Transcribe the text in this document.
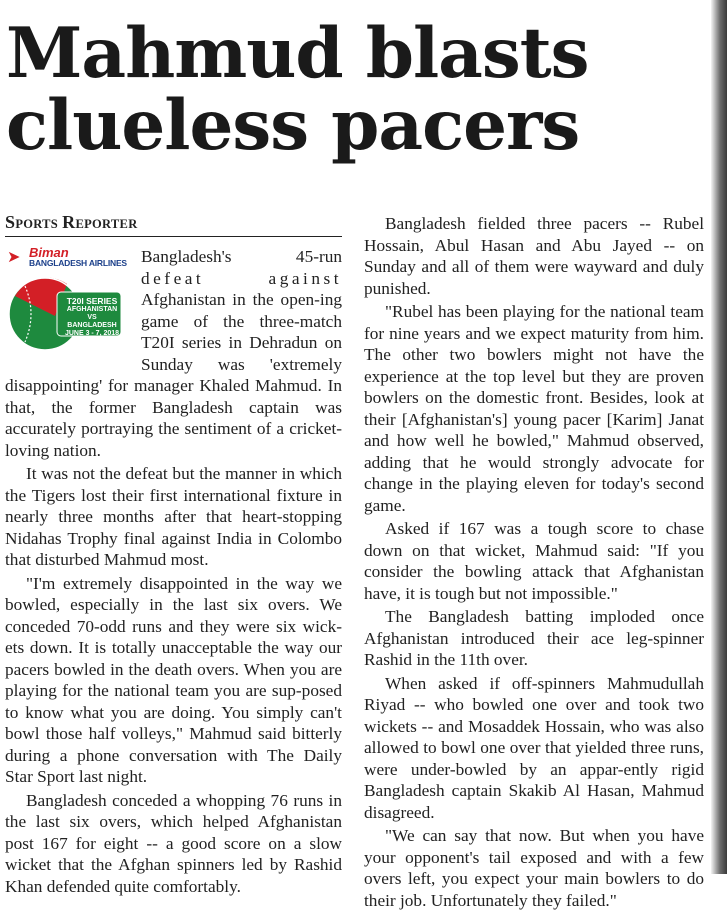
Mahmud blasts
clueless pacers
SPORTS REPORTER
➤ Biman
BANGLADESH AIRLINES
T20I SERIES
AFGHANISTAN
VS
BANGLADESH
JUNE 3 - 7, 2018

Bangladesh's 45-run defeat against Afghanistan in the open-ing game of the three-match T20I series in Dehradun on Sunday was 'extremely disappointing' for manager Khaled Mahmud. In that, the former Bangladesh captain was accurately portraying the sentiment of a cricket-loving nation.

It was not the defeat but the manner in which the Tigers lost their first international fixture in nearly three months after that heart-stopping Nidahas Trophy final against India in Colombo that disturbed Mahmud most.

"I'm extremely disappointed in the way we bowled, especially in the last six overs. We conceded 70-odd runs and they were six wick-ets down. It is totally unacceptable the way our pacers bowled in the death overs. When you are playing for the national team you are sup-posed to know what you are doing. You simply can't bowl those half volleys," Mahmud said bitterly during a phone conversation with The Daily Star Sport last night.

Bangladesh conceded a whopping 76 runs in the last six overs, which helped Afghanistan post 167 for eight -- a good score on a slow wicket that the Afghan spinners led by Rashid Khan defended quite comfortably.

Bangladesh fielded three pacers -- Rubel Hossain, Abul Hasan and Abu Jayed -- on Sunday and all of them were wayward and duly punished.

"Rubel has been playing for the national team for nine years and we expect maturity from him. The other two bowlers might not have the experience at the top level but they are proven bowlers on the domestic front. Besides, look at their [Afghanistan's] young pacer [Karim] Janat and how well he bowled," Mahmud observed, adding that he would strongly advocate for change in the playing eleven for today's second game.

Asked if 167 was a tough score to chase down on that wicket, Mahmud said: "If you consider the bowling attack that Afghanistan have, it is tough but not impossible."

The Bangladesh batting imploded once Afghanistan introduced their ace leg-spinner Rashid in the 11th over.

When asked if off-spinners Mahmudullah Riyad -- who bowled one over and took two wickets -- and Mosaddek Hossain, who was also allowed to bowl one over that yielded three runs, were under-bowled by an appar-ently rigid Bangladesh captain Skakib Al Hasan, Mahmud disagreed.

"We can say that now. But when you have your opponent's tail exposed and with a few overs left, you expect your main bowlers to do their job. Unfortunately they failed."
